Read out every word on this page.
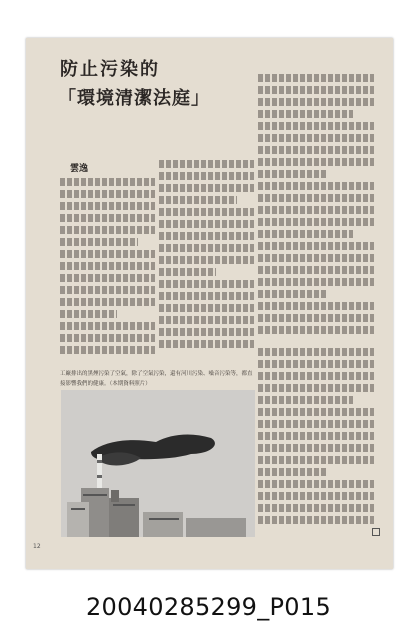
防止污染的
「環境清潔法庭」
雲逸
工廠排出的黑煙污染了空氣，除了空氣污染，還有河川污染、噪音污染等，都直接影響我們的健康。（本期資料照片）
12
20040285299_P015
